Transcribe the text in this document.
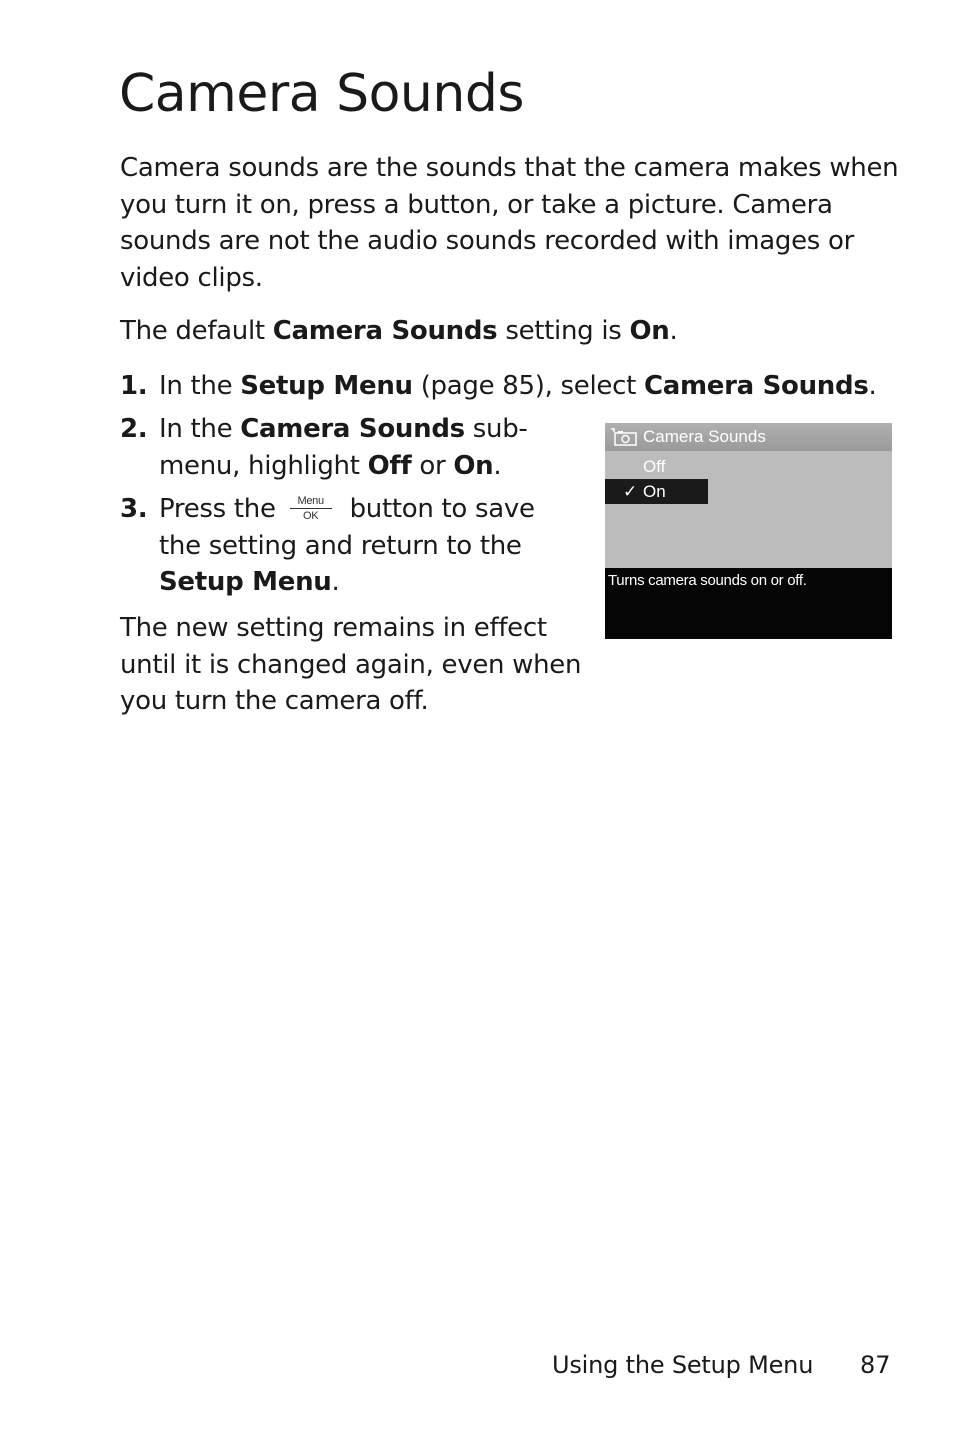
Camera Sounds

Camera sounds are the sounds that the camera makes when you turn it on, press a button, or take a picture. Camera sounds are not the audio sounds recorded with images or video clips.

The default Camera Sounds setting is On.

1. In the Setup Menu (page 85), select Camera Sounds.
2. In the Camera Sounds sub-menu, highlight Off or On.
3. Press the	Menu
OK button to save the setting and return to the Setup Menu.

The new setting remains in effect until it is changed again, even when you turn the camera off.

Camera Sounds
Off
✓ On
Turns camera sounds on or off.
Using the Setup Menu 87
